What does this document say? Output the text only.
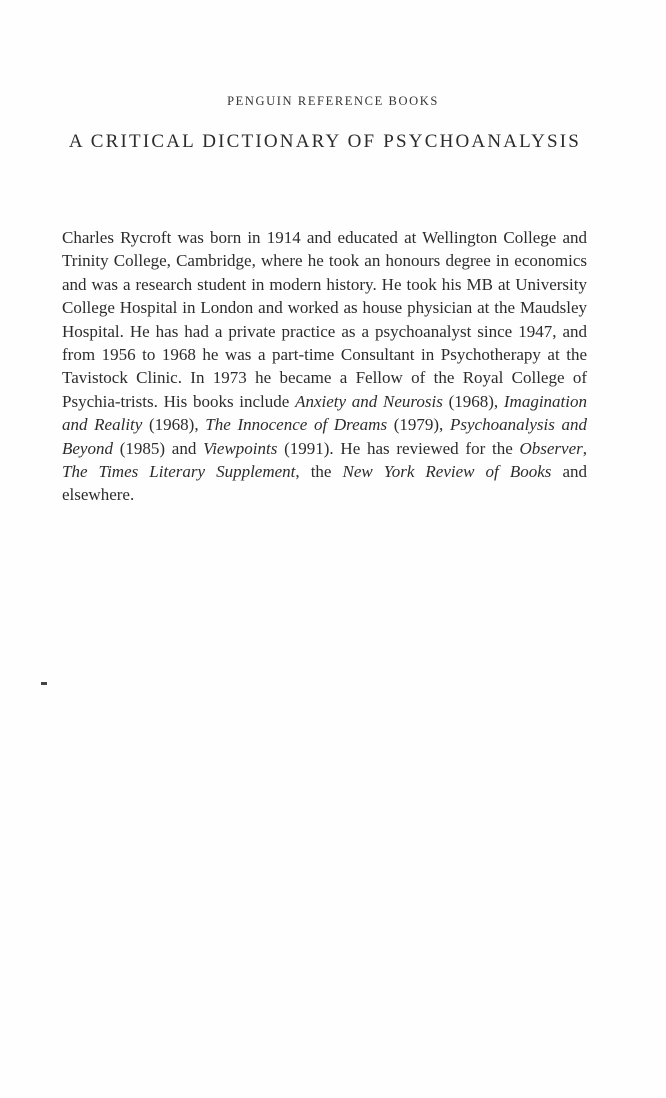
PENGUIN REFERENCE BOOKS
A CRITICAL DICTIONARY OF PSYCHOANALYSIS

Charles Rycroft was born in 1914 and educated at Wellington College and Trinity College, Cambridge, where he took an honours degree in economics and was a research student in modern history. He took his MB at University College Hospital in London and worked as house physician at the Maudsley Hospital. He has had a private practice as a psychoanalyst since 1947, and from 1956 to 1968 he was a part-time Consultant in Psychotherapy at the Tavistock Clinic. In 1973 he became a Fellow of the Royal College of Psychia-trists. His books include Anxiety and Neurosis (1968), Imagination and Reality (1968), The Innocence of Dreams (1979), Psychoanalysis and Beyond (1985) and Viewpoints (1991). He has reviewed for the Observer, The Times Literary Supplement, the New York Review of Books and elsewhere.
